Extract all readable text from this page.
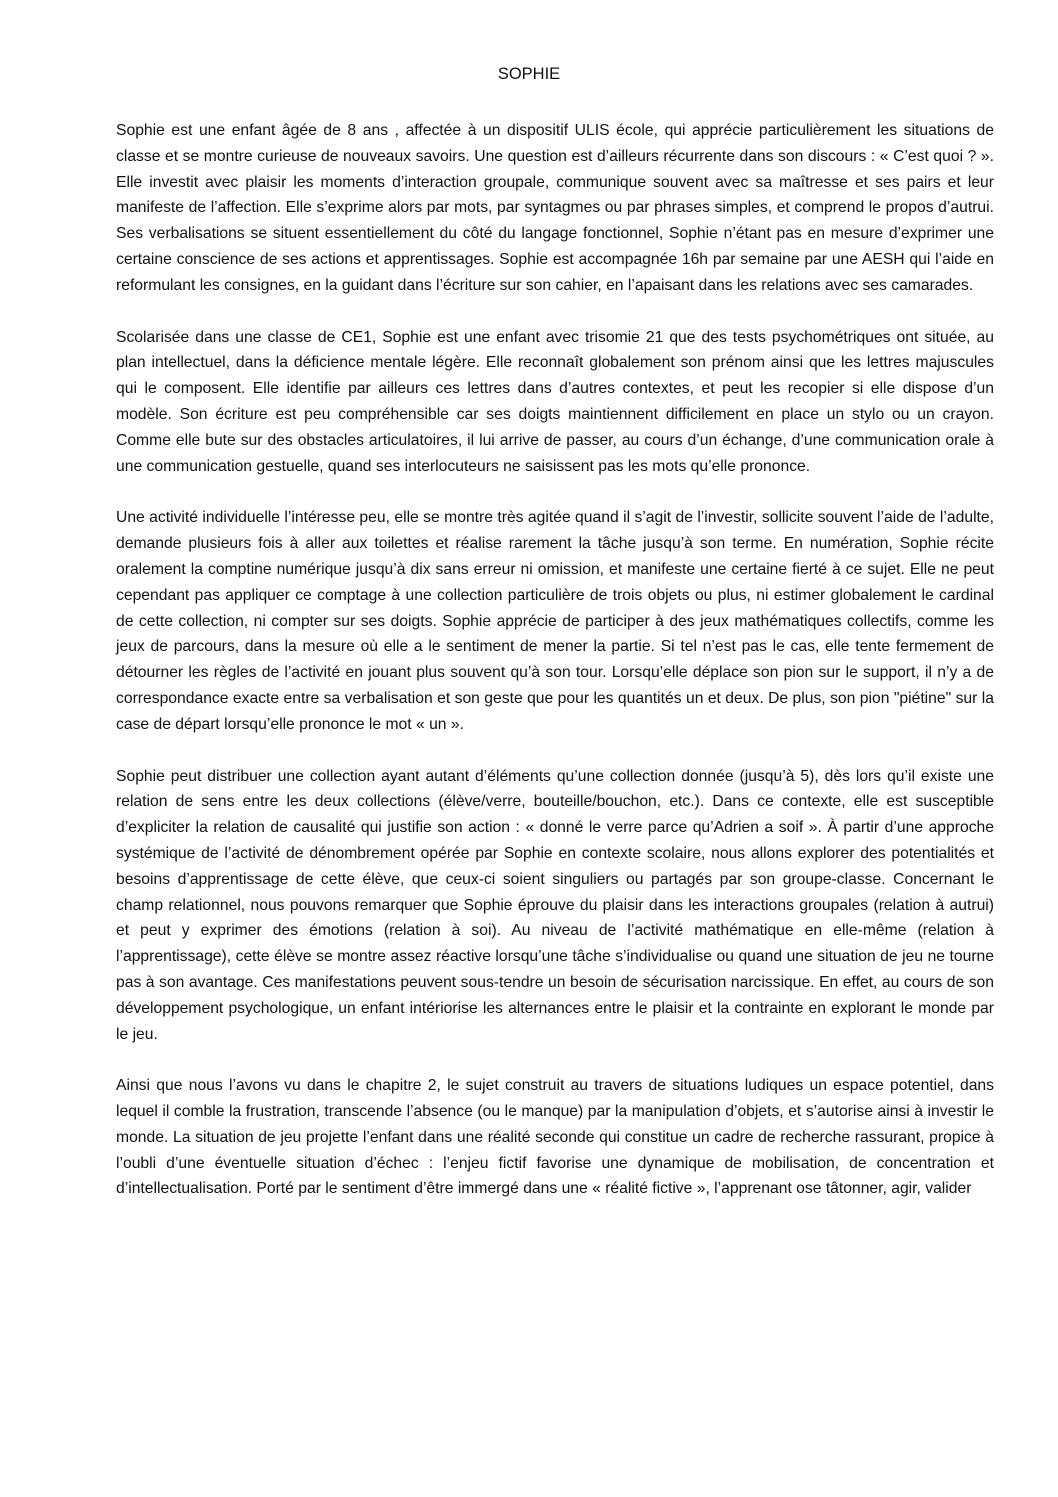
SOPHIE

Sophie est une enfant âgée de 8 ans , affectée à un dispositif ULIS école, qui apprécie particulièrement les situations de classe et se montre curieuse de nouveaux savoirs. Une question est d’ailleurs récurrente dans son discours : « C’est quoi ? ». Elle investit avec plaisir les moments d’interaction groupale, communique souvent avec sa maîtresse et ses pairs et leur manifeste de l’affection. Elle s’exprime alors par mots, par syntagmes ou par phrases simples, et comprend le propos d’autrui. Ses verbalisations se situent essentiellement du côté du langage fonctionnel, Sophie n’étant pas en mesure d’exprimer une certaine conscience de ses actions et apprentissages. Sophie est accompagnée 16h par semaine par une AESH qui l’aide en reformulant les consignes, en la guidant dans l’écriture sur son cahier, en l’apaisant dans les relations avec ses camarades.

Scolarisée dans une classe de CE1, Sophie est une enfant avec trisomie 21 que des tests psychométriques ont située, au plan intellectuel, dans la déficience mentale légère. Elle reconnaît globalement son prénom ainsi que les lettres majuscules qui le composent. Elle identifie par ailleurs ces lettres dans d’autres contextes, et peut les recopier si elle dispose d’un modèle. Son écriture est peu compréhensible car ses doigts maintiennent difficilement en place un stylo ou un crayon. Comme elle bute sur des obstacles articulatoires, il lui arrive de passer, au cours d’un échange, d’une communication orale à une communication gestuelle, quand ses interlocuteurs ne saisissent pas les mots qu’elle prononce.

Une activité individuelle l’intéresse peu, elle se montre très agitée quand il s’agit de l’investir, sollicite souvent l’aide de l’adulte, demande plusieurs fois à aller aux toilettes et réalise rarement la tâche jusqu’à son terme. En numération, Sophie récite oralement la comptine numérique jusqu’à dix sans erreur ni omission, et manifeste une certaine fierté à ce sujet. Elle ne peut cependant pas appliquer ce comptage à une collection particulière de trois objets ou plus, ni estimer globalement le cardinal de cette collection, ni compter sur ses doigts. Sophie apprécie de participer à des jeux mathématiques collectifs, comme les jeux de parcours, dans la mesure où elle a le sentiment de mener la partie. Si tel n’est pas le cas, elle tente fermement de détourner les règles de l’activité en jouant plus souvent qu’à son tour. Lorsqu’elle déplace son pion sur le support, il n’y a de correspondance exacte entre sa verbalisation et son geste que pour les quantités un et deux. De plus, son pion "piétine" sur la case de départ lorsqu’elle prononce le mot « un ».

Sophie peut distribuer une collection ayant autant d’éléments qu’une collection donnée (jusqu’à 5), dès lors qu’il existe une relation de sens entre les deux collections (élève/verre, bouteille/bouchon, etc.). Dans ce contexte, elle est susceptible d’expliciter la relation de causalité qui justifie son action : « donné le verre parce qu’Adrien a soif ». À partir d’une approche systémique de l’activité de dénombrement opérée par Sophie en contexte scolaire, nous allons explorer des potentialités et besoins d’apprentissage de cette élève, que ceux-ci soient singuliers ou partagés par son groupe-classe. Concernant le champ relationnel, nous pouvons remarquer que Sophie éprouve du plaisir dans les interactions groupales (relation à autrui) et peut y exprimer des émotions (relation à soi). Au niveau de l’activité mathématique en elle-même (relation à l’apprentissage), cette élève se montre assez réactive lorsqu’une tâche s’individualise ou quand une situation de jeu ne tourne pas à son avantage. Ces manifestations peuvent sous-tendre un besoin de sécurisation narcissique. En effet, au cours de son développement psychologique, un enfant intériorise les alternances entre le plaisir et la contrainte en explorant le monde par le jeu.

Ainsi que nous l’avons vu dans le chapitre 2, le sujet construit au travers de situations ludiques un espace potentiel, dans lequel il comble la frustration, transcende l’absence (ou le manque) par la manipulation d’objets, et s’autorise ainsi à investir le monde. La situation de jeu projette l’enfant dans une réalité seconde qui constitue un cadre de recherche rassurant, propice à l’oubli d’une éventuelle situation d’échec : l’enjeu fictif favorise une dynamique de mobilisation, de concentration et d’intellectualisation. Porté par le sentiment d’être immergé dans une « réalité fictive », l’apprenant ose tâtonner, agir, valider
